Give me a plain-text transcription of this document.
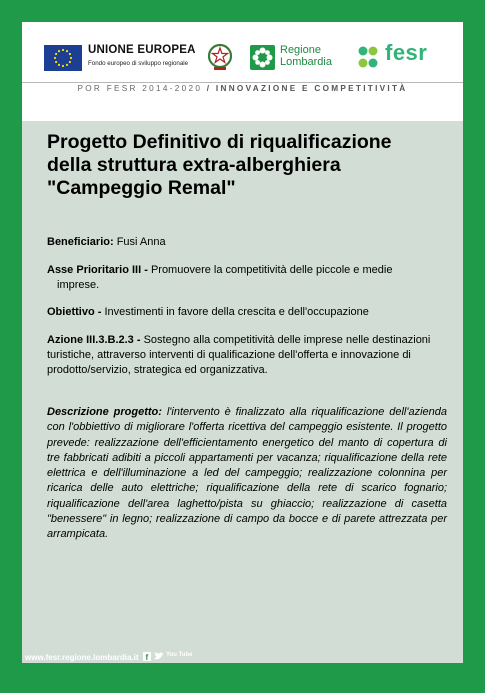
UNIONE EUROPEA
Fondo europeo di sviluppo regionale
Regione
Lombardia fesr
POR FESR 2014-2020 / INNOVAZIONE E COMPETITIVITÀ
Progetto Definitivo di riqualificazione
della struttura extra-alberghiera
"Campeggio Remal"
Beneficiario: Fusi Anna
Asse Prioritario III - Promuovere la competitività delle piccole e medie
imprese.
Obiettivo - Investimenti in favore della crescita e dell'occupazione
Azione III.3.B.2.3 - Sostegno alla competitività delle imprese nelle destinazioni
turistiche, attraverso interventi di qualificazione dell'offerta e innovazione di
prodotto/servizio, strategica ed organizzativa.
Descrizione progetto: l'intervento è finalizzato alla riqualificazione dell'azienda con l'obbiettivo di migliorare l'offerta ricettiva del campeggio esistente. Il progetto prevede: realizzazione dell'efficientamento energetico del manto di copertura di tre fabbricati adibiti a piccoli appartamenti per vacanza; riqualificazione della rete elettrica e dell'illuminazione a led del campeggio; realizzazione colonnina per ricarica delle auto elettriche; riqualificazione della rete di scarico fognario; riqualificazione dell'area laghetto/pista su ghiaccio; realizzazione di casetta "benessere" in legno; realizzazione di campo da bocce e di parete attrezzata per arrampicata.
www.fesr.regione.lombardia.it f	You Tube
